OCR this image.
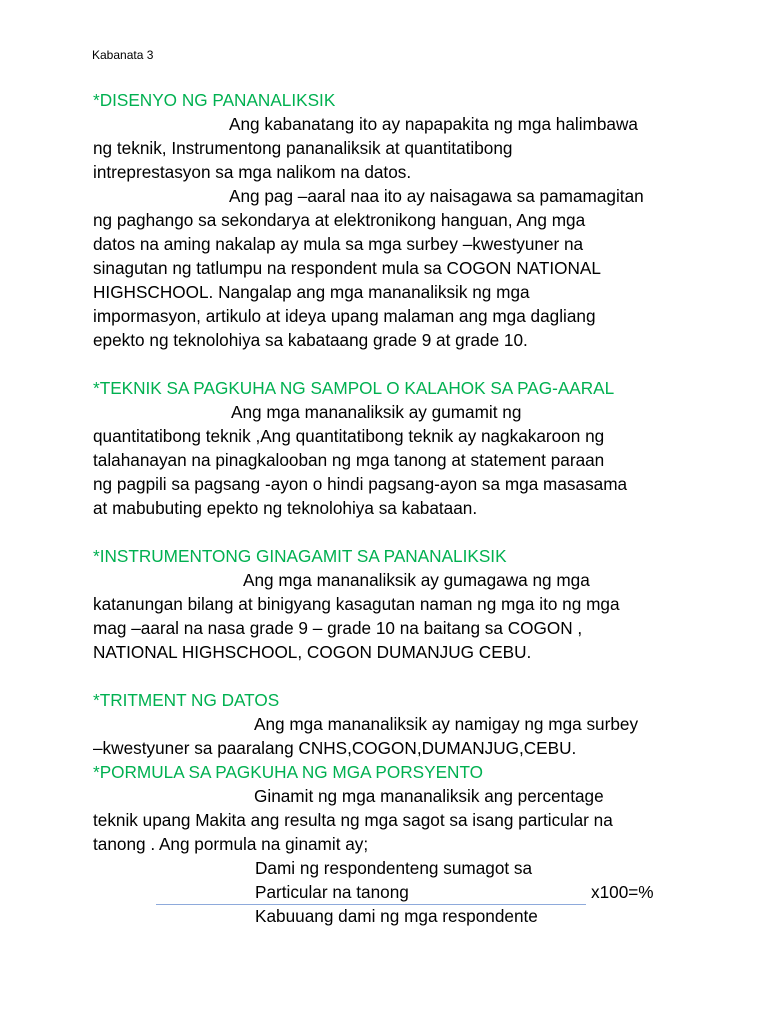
Kabanata 3

*DISENYO NG PANANALIKSIK

Ang kabanatang ito ay napapakita ng mga halimbawa

ng teknik, Instrumentong pananaliksik at quantitatibong

intreprestasyon sa mga nalikom na datos.

Ang pag –aaral naa ito ay naisagawa sa pamamagitan

ng paghango sa sekondarya at elektronikong hanguan, Ang mga

datos na aming nakalap ay mula sa mga surbey –kwestyuner na

sinagutan ng tatlumpu na respondent mula sa COGON NATIONAL

HIGHSCHOOL. Nangalap ang mga mananaliksik ng mga

impormasyon, artikulo at ideya upang malaman ang mga dagliang

epekto ng teknolohiya sa kabataang grade 9 at grade 10.

*TEKNIK SA PAGKUHA NG SAMPOL O KALAHOK SA PAG-AARAL

Ang mga mananaliksik ay gumamit ng

quantitatibong teknik ,Ang quantitatibong teknik ay nagkakaroon ng

talahanayan na pinagkalooban ng mga tanong at statement paraan

ng pagpili sa pagsang -ayon o hindi pagsang-ayon sa mga masasama

at mabubuting epekto ng teknolohiya sa kabataan.

*INSTRUMENTONG GINAGAMIT SA PANANALIKSIK

Ang mga mananaliksik ay gumagawa ng mga

katanungan bilang at binigyang kasagutan naman ng mga ito ng mga

mag –aaral na nasa grade 9 – grade 10 na baitang sa COGON ,

NATIONAL HIGHSCHOOL, COGON DUMANJUG CEBU.

*TRITMENT NG DATOS

Ang mga mananaliksik ay namigay ng mga surbey

–kwestyuner sa paaralang CNHS,COGON,DUMANJUG,CEBU.

*PORMULA SA PAGKUHA NG MGA PORSYENTO

Ginamit ng mga mananaliksik ang percentage

teknik upang Makita ang resulta ng mga sagot sa isang particular na

tanong . Ang pormula na ginamit ay;

Dami ng respondenteng sumagot sa
Particular na tanong	x100=%
Kabuuang dami ng mga respondente
